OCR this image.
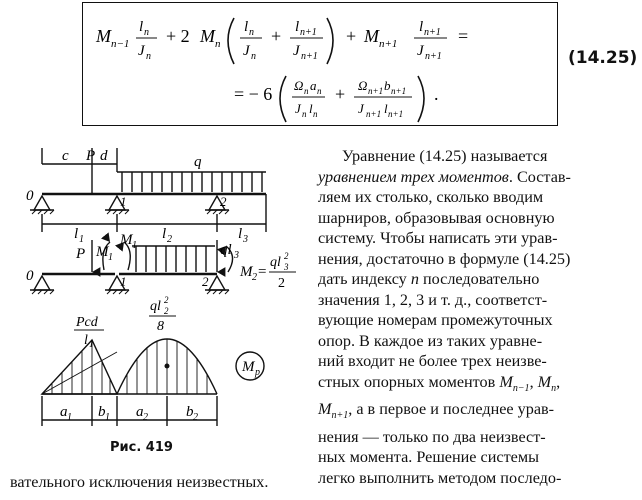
M n−1
l n
J n
+ 2 M n
l n
J n
+ l n+1
J n+1
+ M n+1
l n+1
J n+1
=
= − 6 Ω n a n
J n l n
+ Ω n+1 b n+1
J n+1 l n+1
.
(14.25)
c P d	q
0	1	2
l 1	l 2	l 3
P M 1
M 1
0	1	2
ql 3
M 2 =
ql 3
2
2
Pcd
l 1
ql 2
2
8
M p
a 1 b 1 a 2	b 2
Рис. 419
Уравнение (14.25) называется
уравнением трех моментов. Состав-
ляем их столько, сколько вводим
шарниров, образовывая основную
систему. Чтобы написать эти урав-
нения, достаточно в формуле (14.25)
дать индексу n последовательно
значения 1, 2, 3 и т. д., соответст-
вующие номерам промежуточных
опор. В каждое из таких уравне-
ний входит не более трех неизве-
стных опорных моментов $M_{n-1}$, $M_n$,
$M_{n+1}$, а в первое и последнее урав-
нения — только по два неизвест-
ных момента. Решение системы
легко выполнить методом последо-
вательного исключения неизвестных.
